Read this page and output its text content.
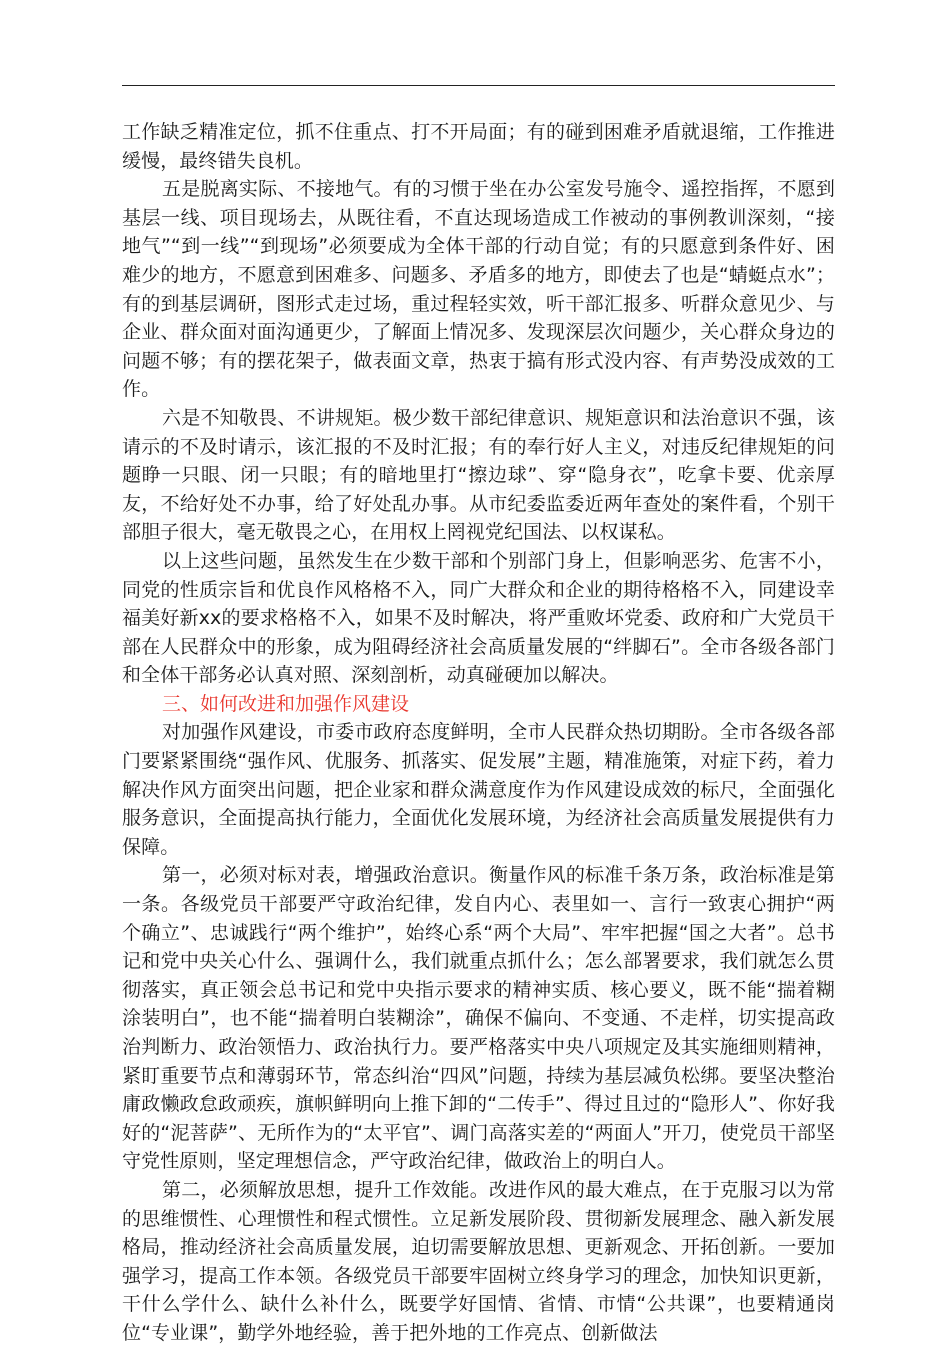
工作缺乏精准定位，抓不住重点、打不开局面；有的碰到困难矛盾就退缩，工作推进缓慢，最终错失良机。

五是脱离实际、不接地气。有的习惯于坐在办公室发号施令、遥控指挥，不愿到基层一线、项目现场去，从既往看，不直达现场造成工作被动的事例教训深刻，“接地气”“到一线”“到现场”必须要成为全体干部的行动自觉；有的只愿意到条件好、困难少的地方，不愿意到困难多、问题多、矛盾多的地方，即使去了也是“蜻蜓点水”；有的到基层调研，图形式走过场，重过程轻实效，听干部汇报多、听群众意见少、与企业、群众面对面沟通更少，了解面上情况多、发现深层次问题少，关心群众身边的问题不够；有的摆花架子，做表面文章，热衷于搞有形式没内容、有声势没成效的工作。

六是不知敬畏、不讲规矩。极少数干部纪律意识、规矩意识和法治意识不强，该请示的不及时请示，该汇报的不及时汇报；有的奉行好人主义，对违反纪律规矩的问题睁一只眼、闭一只眼；有的暗地里打“擦边球”、穿“隐身衣”，吃拿卡要、优亲厚友，不给好处不办事，给了好处乱办事。从市纪委监委近两年查处的案件看，个别干部胆子很大，毫无敬畏之心，在用权上罔视党纪国法、以权谋私。

以上这些问题，虽然发生在少数干部和个别部门身上，但影响恶劣、危害不小，同党的性质宗旨和优良作风格格不入，同广大群众和企业的期待格格不入，同建设幸福美好新xx的要求格格不入，如果不及时解决，将严重败坏党委、政府和广大党员干部在人民群众中的形象，成为阻碍经济社会高质量发展的“绊脚石”。全市各级各部门和全体干部务必认真对照、深刻剖析，动真碰硬加以解决。

三、如何改进和加强作风建设

对加强作风建设，市委市政府态度鲜明，全市人民群众热切期盼。全市各级各部门要紧紧围绕“强作风、优服务、抓落实、促发展”主题，精准施策，对症下药，着力解决作风方面突出问题，把企业家和群众满意度作为作风建设成效的标尺，全面强化服务意识，全面提高执行能力，全面优化发展环境，为经济社会高质量发展提供有力保障。

第一，必须对标对表，增强政治意识。衡量作风的标准千条万条，政治标准是第一条。各级党员干部要严守政治纪律，发自内心、表里如一、言行一致衷心拥护“两个确立”、忠诚践行“两个维护”，始终心系“两个大局”、牢牢把握“国之大者”。总书记和党中央关心什么、强调什么，我们就重点抓什么；怎么部署要求，我们就怎么贯彻落实，真正领会总书记和党中央指示要求的精神实质、核心要义，既不能“揣着糊涂装明白”，也不能“揣着明白装糊涂”，确保不偏向、不变通、不走样，切实提高政治判断力、政治领悟力、政治执行力。要严格落实中央八项规定及其实施细则精神，紧盯重要节点和薄弱环节，常态纠治“四风”问题，持续为基层减负松绑。要坚决整治庸政懒政怠政顽疾，旗帜鲜明向上推下卸的“二传手”、得过且过的“隐形人”、你好我好的“泥菩萨”、无所作为的“太平官”、调门高落实差的“两面人”开刀，使党员干部坚守党性原则，坚定理想信念，严守政治纪律，做政治上的明白人。

第二，必须解放思想，提升工作效能。改进作风的最大难点，在于克服习以为常的思维惯性、心理惯性和程式惯性。立足新发展阶段、贯彻新发展理念、融入新发展格局，推动经济社会高质量发展，迫切需要解放思想、更新观念、开拓创新。一要加强学习，提高工作本领。各级党员干部要牢固树立终身学习的理念，加快知识更新，干什么学什么、缺什么补什么，既要学好国情、省情、市情“公共课”，也要精通岗位“专业课”，勤学外地经验，善于把外地的工作亮点、创新做法
